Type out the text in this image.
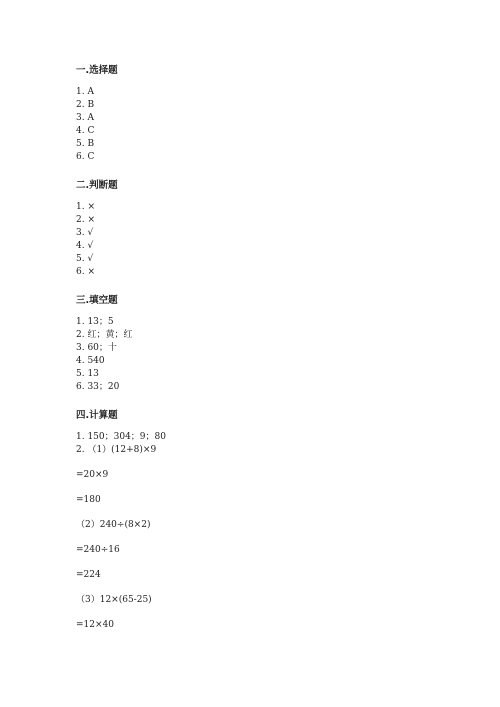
一.选择题
1. A
2. B
3. A
4. C
5. B
6. C
二.判断题
1. ×
2. ×
3. √
4. √
5. √
6. ×
三.填空题
1. 13；5
2. 红；黄；红
3. 60；十
4. 540
5. 13
6. 33；20
四.计算题
1. 150；304；9；80
2. （1）(12+8)×9
=20×9
=180
（2）240÷(8×2)
=240÷16
=224
（3）12×(65-25)
=12×40
